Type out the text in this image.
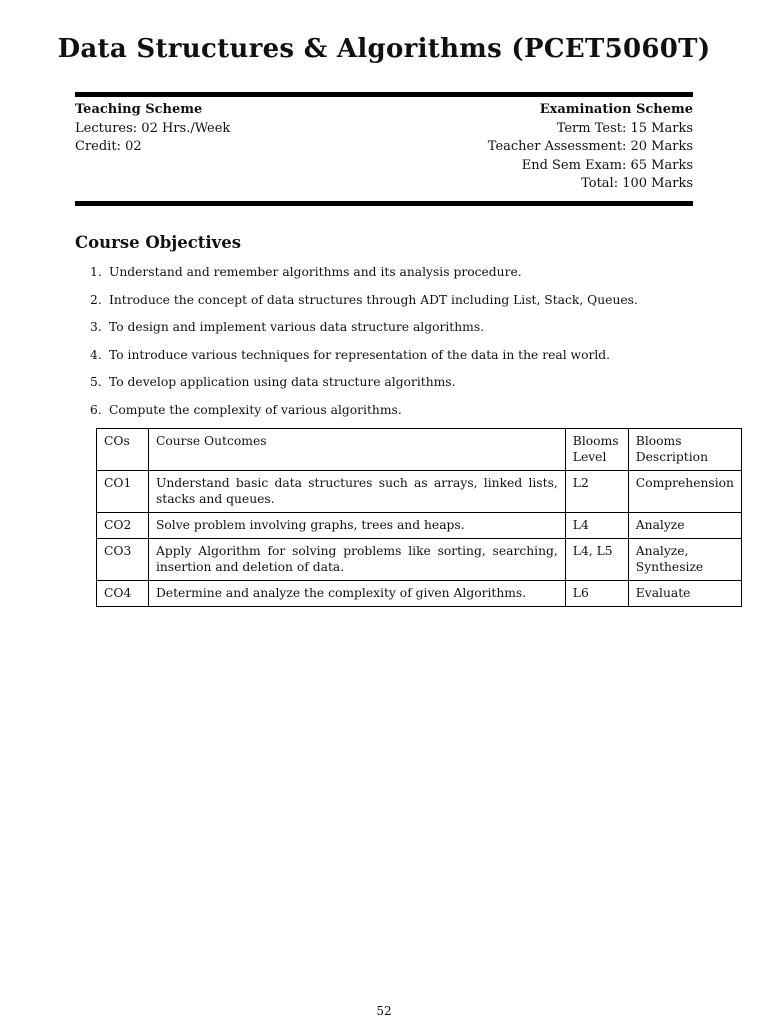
Data Structures & Algorithms (PCET5060T)
Teaching Scheme
Lectures: 02 Hrs./Week
Credit: 02
Examination Scheme
Term Test: 15 Marks
Teacher Assessment: 20 Marks
End Sem Exam: 65 Marks
Total: 100 Marks
Course Objectives
1. Understand and remember algorithms and its analysis procedure.
2. Introduce the concept of data structures through ADT including List, Stack, Queues.
3. To design and implement various data structure algorithms.
4. To introduce various techniques for representation of the data in the real world.
5. To develop application using data structure algorithms.
6. Compute the complexity of various algorithms.
COs	Course Outcomes	Blooms Level	Blooms Description
CO1	Understand basic data structures such as arrays, linked lists, stacks and queues.	L2	Comprehension
CO2	Solve problem involving graphs, trees and heaps.	L4	Analyze
CO3	Apply Algorithm for solving problems like sorting, searching, insertion and deletion of data.	L4, L5	Analyze, Synthesize
CO4	Determine and analyze the complexity of given Algorithms.	L6	Evaluate
52
